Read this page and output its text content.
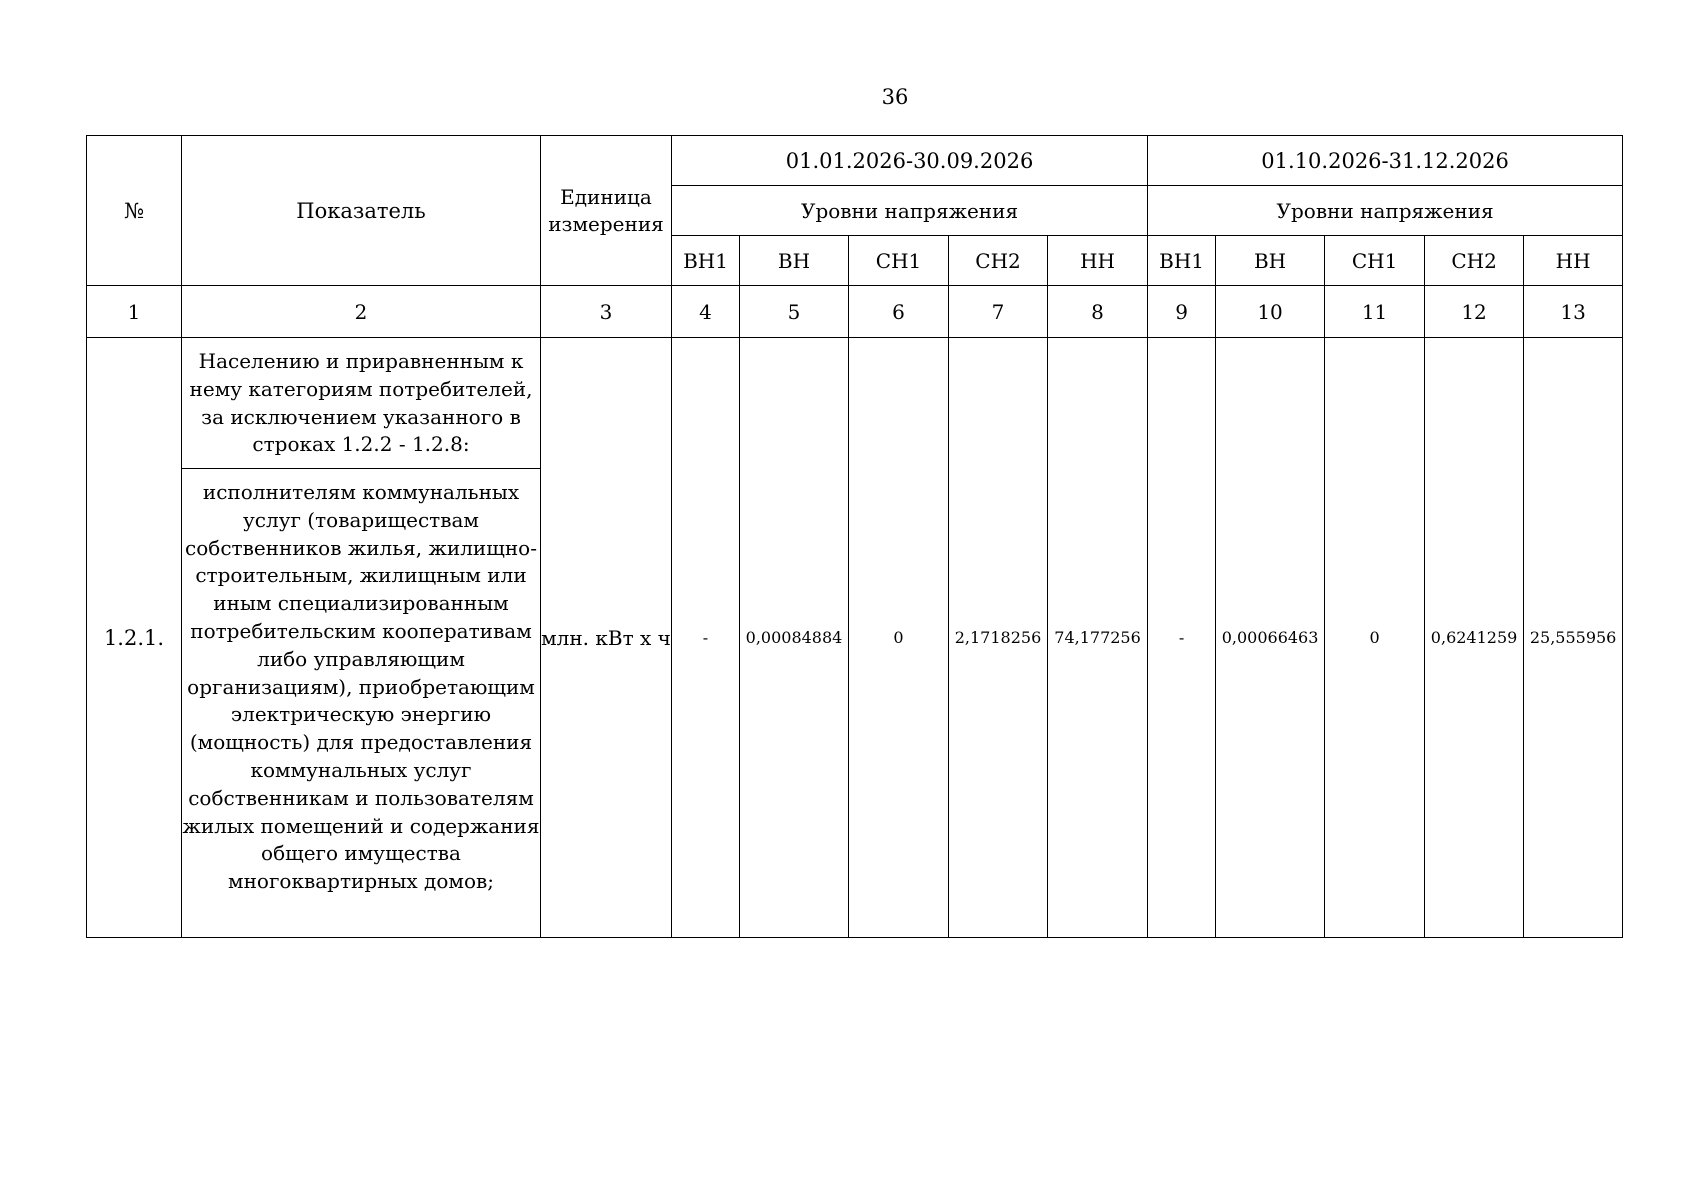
36
№	Показатель	Единица измерения	01.01.2026-30.09.2026					01.10.2026-31.12.2026				
			Уровни напряжения					Уровни напряжения				
			ВН1	ВН	СН1	СН2	НН	ВН1	ВН	СН1	СН2	НН
1	2	3	4	5	6	7	8	9	10	11	12	13
1.2.1.	Населению и приравненным к нему категориям потребителей, за исключением указанного в строках 1.2.2 - 1.2.8:	млн. кВт х ч	-	0,00084884	0	2,1718256	74,177256	-	0,00066463	0	0,6241259	25,555956

	исполнителям коммунальных услуг (товариществам собственников жилья, жилищно-строительным, жилищным или иным специализированным потребительским кооперативам либо управляющим организациям), приобретающим электрическую энергию (мощность) для предоставления коммунальных услуг собственникам и пользователям жилых помещений и содержания общего имущества многоквартирных домов;											
